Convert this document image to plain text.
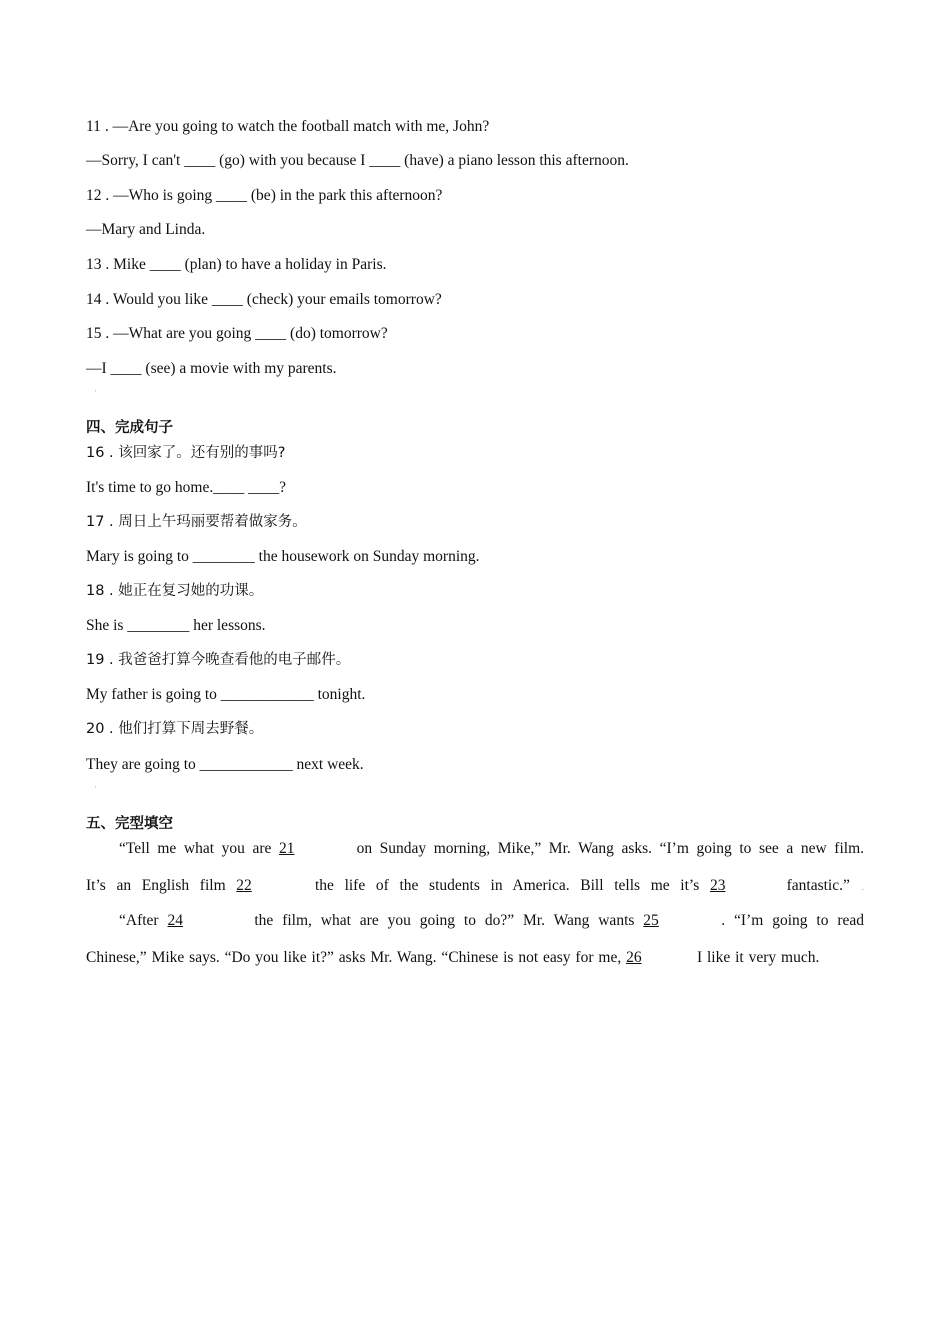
11 . —Are you going to watch the football match with me, John?
—Sorry, I can't ____ (go) with you because I ____ (have) a piano lesson this afternoon.
12 . —Who is going ____ (be) in the park this afternoon?
—Mary and Linda.
13 . Mike ____ (plan) to have a holiday in Paris.
14 . Would you like ____ (check) your emails tomorrow?
15 . —What are you going ____ (do) tomorrow?
—I ____ (see) a movie with my parents.
·
四、完成句子
16 . 该回家了。还有别的事吗?
It's time to go home.____ ____?
17 . 周日上午玛丽要帮着做家务。
Mary is going to ________ the housework on Sunday morning.
18 . 她正在复习她的功课。
She is ________ her lessons.
19 . 我爸爸打算今晚查看他的电子邮件。
My father is going to ____________ tonight.
20 . 他们打算下周去野餐。
They are going to ____________ next week.
·
五、完型填空
“Tell me what you are 21	on Sunday morning, Mike,” Mr. Wang asks. “I’m going to see a new film.
It’s an English film 22	the life of the students in America. Bill tells me it’s 23	fantastic.” .
“After 24	the film, what are you going to do?” Mr. Wang wants 25	. “I’m going to read
Chinese,” Mike says. “Do you like it?” asks Mr. Wang. “Chinese is not easy for me, 26	I like it very much.
